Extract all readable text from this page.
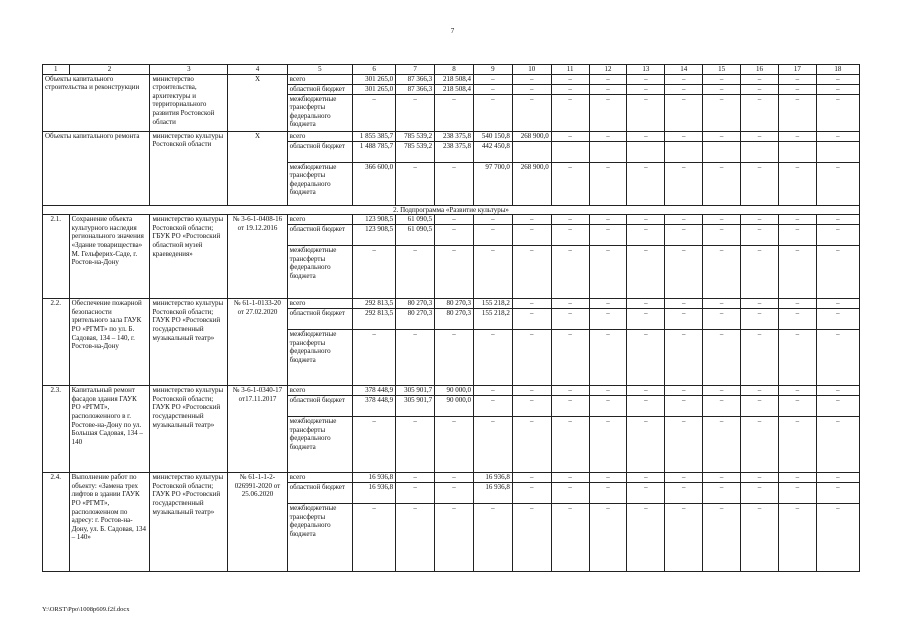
7
1	2	3	4	5	6	7	8	9	10	11	12	13	14	15	16	17	18
Объекты капитального строительства и реконструкции		министерство строительства, архитектуры и территориального развития Ростовской области	Х	всего	301 265,0	87 366,3	218 508,4	–	–	–	–	–	–	–	–	–	–
				областной бюджет	301 265,0	87 366,3	218 508,4	–	–	–	–	–	–	–	–	–	–
				межбюджетные трансферты федерального бюджета	–	–	–	–	–	–	–	–	–	–	–	–	–
Объекты капитального ремонта		министерство культуры Ростовской области	Х	всего	1 855 385,7	785 539,2	238 375,8	540 150,8	268 900,0	–	–	–	–	–	–	–	–
				областной бюджет	1 488 785,7	785 539,2	238 375,8	442 450,8									
				межбюджетные трансферты федерального бюджета	366 600,0	–	–	97 700,0	268 900,0	–	–	–	–	–	–	–	–
2. Подпрограмма «Развитие культуры»																	
2.1.	Сохранение объекта культурного наследия регионального значения «Здание товарищества» М. Гельферих-Саде, г. Ростов-на-Дону	министерство культуры Ростовской области; ГБУК РО «Ростовский областной музей краеведения»	№ 3-6-1-0408-16 от 19.12.2016	всего	123 908,5	61 090,5	–	–	–	–	–	–	–	–	–	–	–
				областной бюджет	123 908,5	61 090,5	–	–	–	–	–	–	–	–	–	–	–
				межбюджетные трансферты федерального бюджета	–	–	–	–	–	–	–	–	–	–	–	–	–
2.2.	Обеспечение пожарной безопасности зрительного зала ГАУК РО «РГМТ» по ул. Б. Садовая, 134 – 140, г. Ростов-на-Дону	министерство культуры Ростовской области; ГАУК РО «Ростовский государственный музыкальный театр»	№ 61-1-0133-20 от 27.02.2020	всего	292 813,5	80 270,3	80 270,3	155 218,2	–	–	–	–	–	–	–	–	–
				областной бюджет	292 813,5	80 270,3	80 270,3	155 218,2	–	–	–	–	–	–	–	–	–
				межбюджетные трансферты федерального бюджета	–	–	–	–	–	–	–	–	–	–	–	–	–
2.3.	Капитальный ремонт фасадов здания ГАУК РО «РГМТ», расположенного в г. Ростове-на-Дону по ул. Большая Садовая, 134 – 140	министерство культуры Ростовской области; ГАУК РО «Ростовский государственный музыкальный театр»	№ 3-6-1-0340-17 от17.11.2017	всего	378 448,9	305 901,7	90 000,0	–	–	–	–	–	–	–	–	–	–
				областной бюджет	378 448,9	305 901,7	90 000,0	–	–	–	–	–	–	–	–	–	–
				межбюджетные трансферты федерального бюджета	–	–	–	–	–	–	–	–	–	–	–	–	–
2.4.	Выполнение работ по объекту: «Замена трех лифтов в здании ГАУК РО «РГМТ», расположенном по адресу: г. Ростов-на-Дону, ул. Б. Садовая, 134 – 140»	министерство культуры Ростовской области; ГАУК РО «Ростовский государственный музыкальный театр»	№ 61-1-1-2-026991-2020 от 25.06.2020	всего	16 936,8	–	–	16 936,8	–	–	–	–	–	–	–	–	–
				областной бюджет	16 936,8	–	–	16 936,8	–	–	–	–	–	–	–	–	–
				межбюджетные трансферты федерального бюджета	–	–	–	–	–	–	–	–	–	–	–	–	–
Y:\ORST\Ppo\1008p609.f2f.docx
